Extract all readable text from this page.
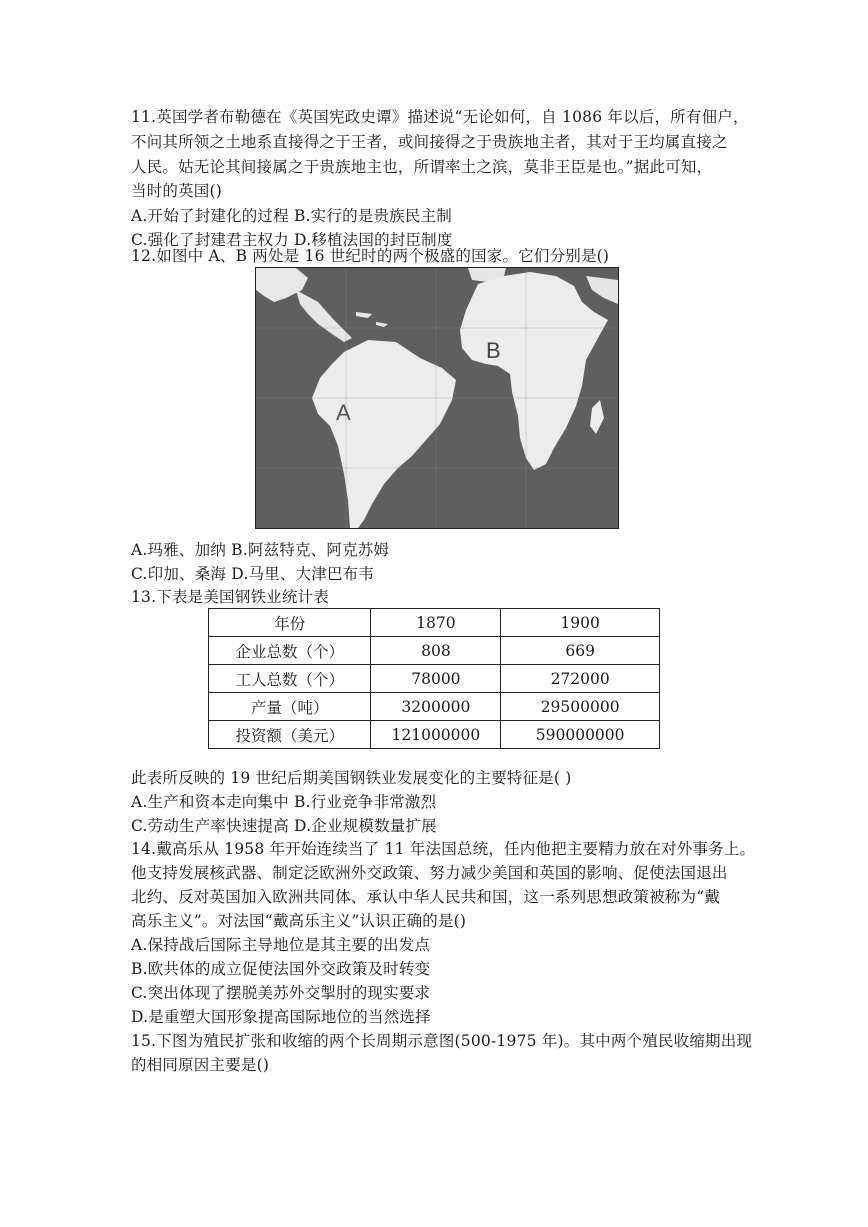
11.英国学者布勒德在《英国宪政史谭》描述说“无论如何，自 1086 年以后，所有佃户，
不问其所领之土地系直接得之于王者，或间接得之于贵族地主者，其对于王均属直接之
人民。姑无论其间接属之于贵族地主也，所谓率土之滨，莫非王臣是也。”据此可知，
当时的英国()
A.开始了封建化的过程 B.实行的是贵族民主制
C.强化了封建君主权力 D.移植法国的封臣制度
12.如图中 A、B 两处是 16 世纪时的两个极盛的国家。它们分别是()
A
B
A.玛雅、加纳 B.阿兹特克、阿克苏姆
C.印加、桑海 D.马里、大津巴布韦
13.下表是美国钢铁业统计表
年份	1870	1900
企业总数（个）	808	669
工人总数（个）	78000	272000
产量（吨）	3200000	29500000
投资额（美元）	121000000	590000000
此表所反映的 19 世纪后期美国钢铁业发展变化的主要特征是( )
A.生产和资本走向集中 B.行业竞争非常激烈
C.劳动生产率快速提高 D.企业规模数量扩展
14.戴高乐从 1958 年开始连续当了 11 年法国总统，任内他把主要精力放在对外事务上。
他支持发展核武器、制定泛欧洲外交政策、努力减少美国和英国的影响、促使法国退出
北约、反对英国加入欧洲共同体、承认中华人民共和国，这一系列思想政策被称为“戴
高乐主义”。对法国“戴高乐主义”认识正确的是()
A.保持战后国际主导地位是其主要的出发点
B.欧共体的成立促使法国外交政策及时转变
C.突出体现了摆脱美苏外交掣肘的现实要求
D.是重塑大国形象提高国际地位的当然选择
15.下图为殖民扩张和收缩的两个长周期示意图(500-1975 年)。其中两个殖民收缩期出现
的相同原因主要是()
